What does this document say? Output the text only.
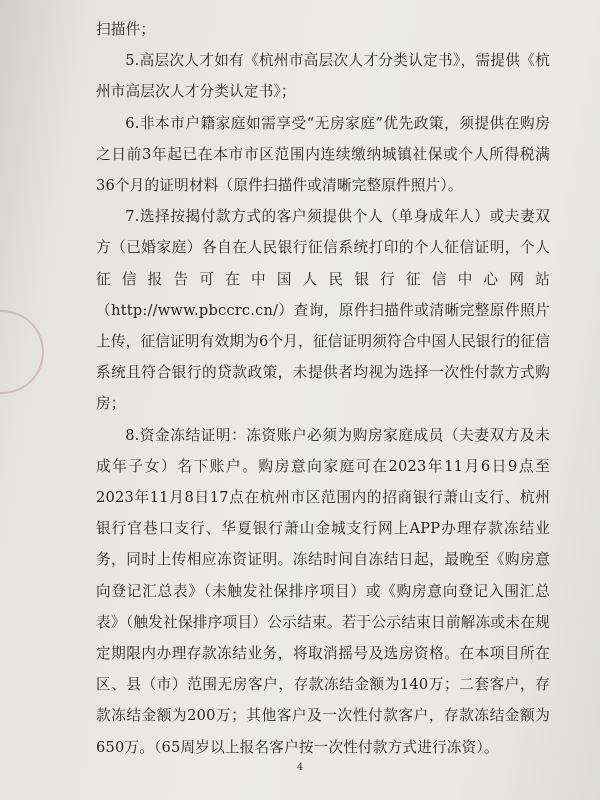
扫描件；

5.高层次人才如有《杭州市高层次人才分类认定书》，需提供《杭州市高层次人才分类认定书》；

6.非本市户籍家庭如需享受“无房家庭”优先政策，须提供在购房之日前3年起已在本市市区范围内连续缴纳城镇社保或个人所得税满36个月的证明材料（原件扫描件或清晰完整原件照片）。

7.选择按揭付款方式的客户须提供个人（单身成年人）或夫妻双方（已婚家庭）各自在人民银行征信系统打印的个人征信证明，个人征信报告可在中国人民银行征信中心网站（http://www.pbccrc.cn/）查询，原件扫描件或清晰完整原件照片上传，征信证明有效期为6个月，征信证明须符合中国人民银行的征信系统且符合银行的贷款政策，未提供者均视为选择一次性付款方式购房；

8.资金冻结证明：冻资账户必须为购房家庭成员（夫妻双方及未成年子女）名下账户。购房意向家庭可在2023年11月6日9点至2023年11月8日17点在杭州市区范围内的招商银行萧山支行、杭州银行官巷口支行、华夏银行萧山金城支行网上APP办理存款冻结业务，同时上传相应冻资证明。冻结时间自冻结日起，最晚至《购房意向登记汇总表》（未触发社保排序项目）或《购房意向登记入围汇总表》（触发社保排序项目）公示结束。若于公示结束日前解冻或未在规定期限内办理存款冻结业务，将取消摇号及选房资格。在本项目所在区、县（市）范围无房客户，存款冻结金额为140万；二套客户，存款冻结金额为200万；其他客户及一次性付款客户，存款冻结金额为650万。（65周岁以上报名客户按一次性付款方式进行冻资）。

4
